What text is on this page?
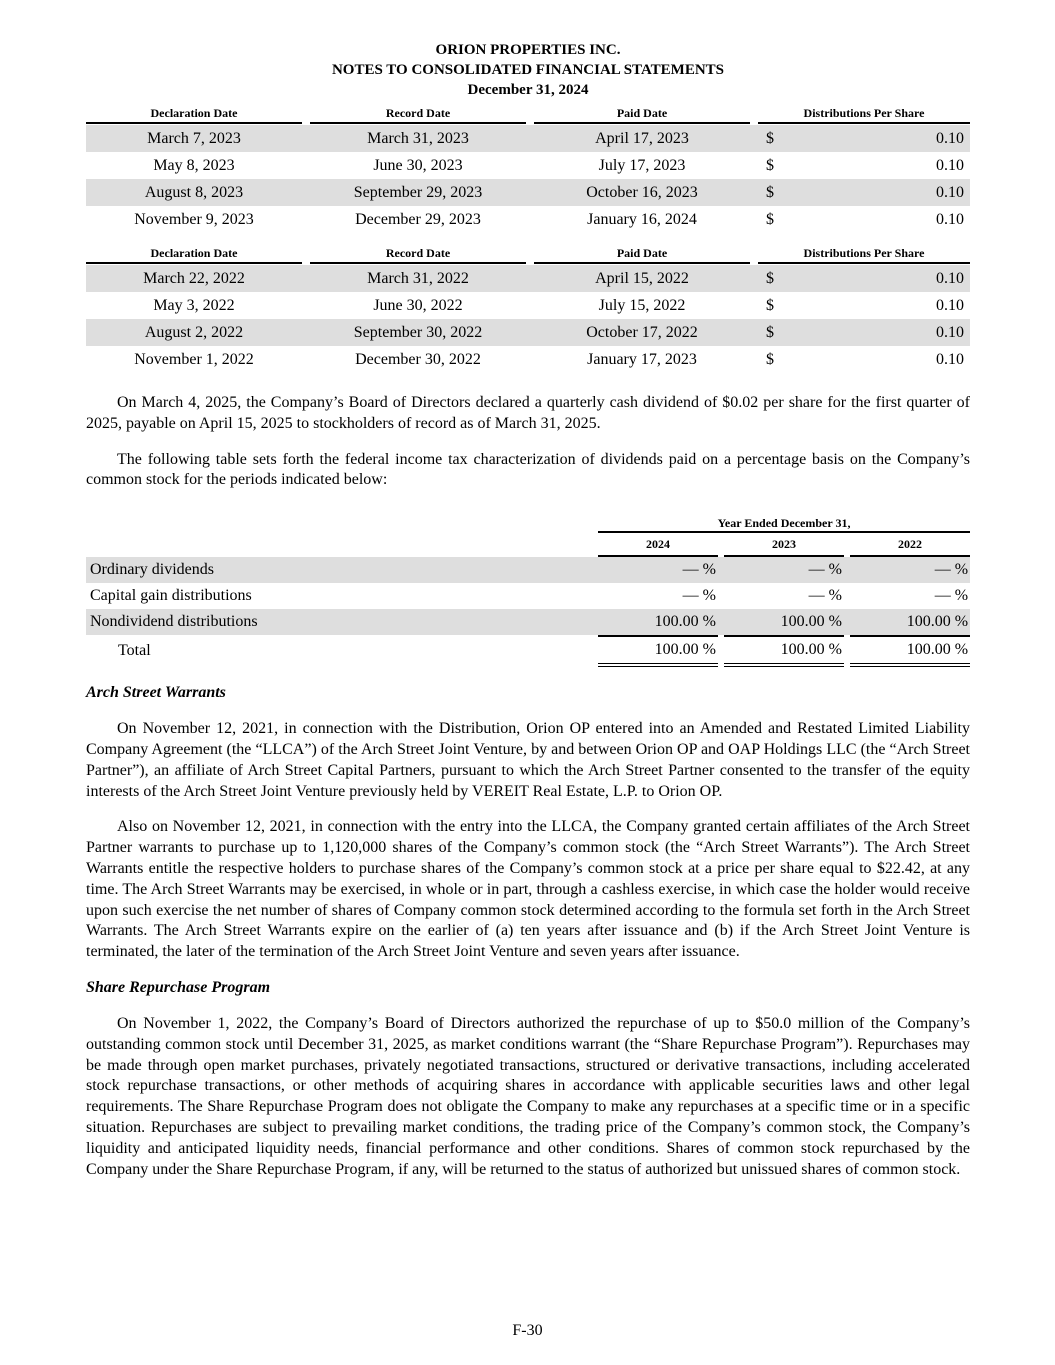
ORION PROPERTIES INC.
NOTES TO CONSOLIDATED FINANCIAL STATEMENTS
December 31, 2024
Declaration Date		Record Date		Paid Date		Distributions Per Share	

March 7, 2023		March 31, 2023		April 17, 2023		$	0.10
May 8, 2023		June 30, 2023		July 17, 2023		$	0.10
August 8, 2023		September 29, 2023		October 16, 2023		$	0.10
November 9, 2023		December 29, 2023		January 16, 2024		$	0.10
Declaration Date		Record Date		Paid Date		Distributions Per Share	

March 22, 2022		March 31, 2022		April 15, 2022		$	0.10
May 3, 2022		June 30, 2022		July 15, 2022		$	0.10
August 2, 2022		September 30, 2022		October 17, 2022		$	0.10
November 1, 2022		December 30, 2022		January 17, 2023		$	0.10

On March 4, 2025, the Company’s Board of Directors declared a quarterly cash dividend of $0.02 per share for the first quarter of 2025, payable on April 15, 2025 to stockholders of record as of March 31, 2025.

The following table sets forth the federal income tax characterization of dividends paid on a percentage basis on the Company’s common stock for the periods indicated below:

	Year Ended December 31,				
	2024		2023		2022
Ordinary dividends	— %		— %		— %
Capital gain distributions	— %		— %		— %
Nondividend distributions	100.00 %		100.00 %		100.00 %
Total	100.00 %		100.00 %		100.00 %
Arch Street Warrants

On November 12, 2021, in connection with the Distribution, Orion OP entered into an Amended and Restated Limited Liability Company Agreement (the “LLCA”) of the Arch Street Joint Venture, by and between Orion OP and OAP Holdings LLC (the “Arch Street Partner”), an affiliate of Arch Street Capital Partners, pursuant to which the Arch Street Partner consented to the transfer of the equity interests of the Arch Street Joint Venture previously held by VEREIT Real Estate, L.P. to Orion OP.

Also on November 12, 2021, in connection with the entry into the LLCA, the Company granted certain affiliates of the Arch Street Partner warrants to purchase up to 1,120,000 shares of the Company’s common stock (the “Arch Street Warrants”). The Arch Street Warrants entitle the respective holders to purchase shares of the Company’s common stock at a price per share equal to $22.42, at any time. The Arch Street Warrants may be exercised, in whole or in part, through a cashless exercise, in which case the holder would receive upon such exercise the net number of shares of Company common stock determined according to the formula set forth in the Arch Street Warrants. The Arch Street Warrants expire on the earlier of (a) ten years after issuance and (b) if the Arch Street Joint Venture is terminated, the later of the termination of the Arch Street Joint Venture and seven years after issuance.

Share Repurchase Program

On November 1, 2022, the Company’s Board of Directors authorized the repurchase of up to $50.0 million of the Company’s outstanding common stock until December 31, 2025, as market conditions warrant (the “Share Repurchase Program”). Repurchases may be made through open market purchases, privately negotiated transactions, structured or derivative transactions, including accelerated stock repurchase transactions, or other methods of acquiring shares in accordance with applicable securities laws and other legal requirements. The Share Repurchase Program does not obligate the Company to make any repurchases at a specific time or in a specific situation. Repurchases are subject to prevailing market conditions, the trading price of the Company’s common stock, the Company’s liquidity and anticipated liquidity needs, financial performance and other conditions. Shares of common stock repurchased by the Company under the Share Repurchase Program, if any, will be returned to the status of authorized but unissued shares of common stock.

F-30
